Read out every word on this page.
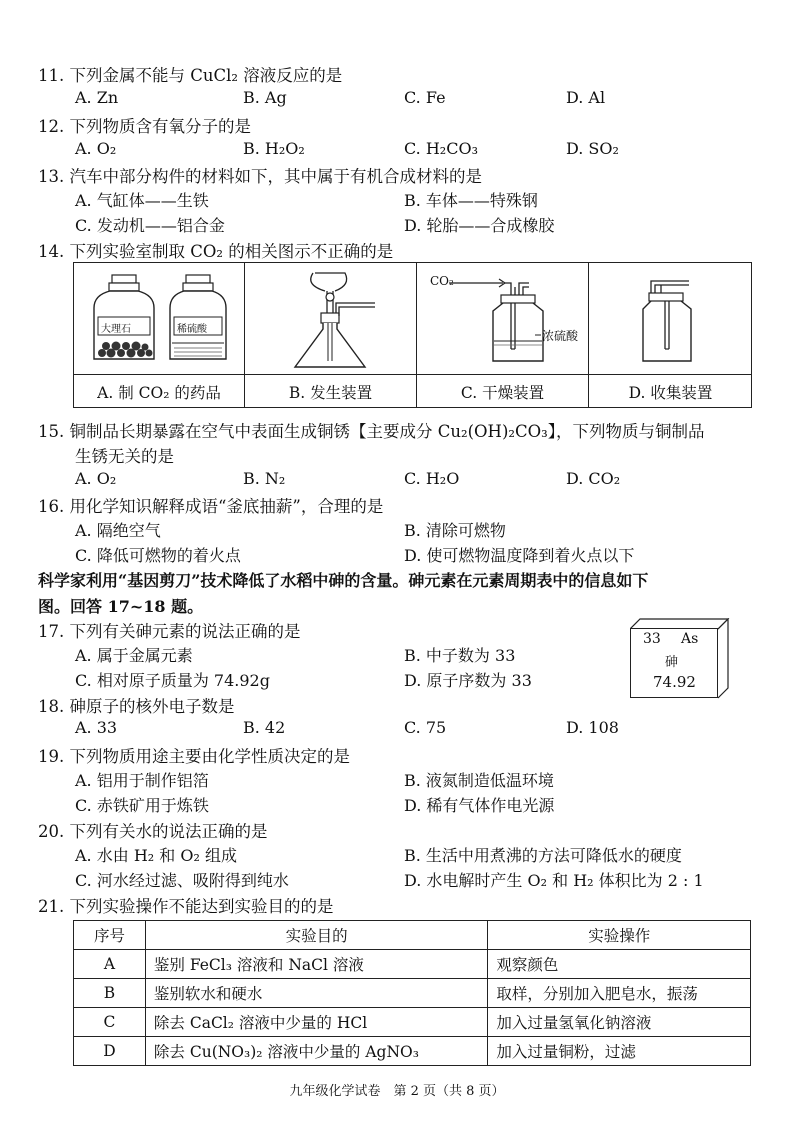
11. 下列金属不能与 CuCl₂ 溶液反应的是
A. Zn	B. Ag	C. Fe	D. Al
12. 下列物质含有氧分子的是
A. O₂	B. H₂O₂	C. H₂CO₃	D. SO₂
13. 汽车中部分构件的材料如下，其中属于有机合成材料的是
A. 气缸体——生铁	B. 车体——特殊钢
C. 发动机——铝合金	D. 轮胎——合成橡胶
14. 下列实验室制取 CO₂ 的相关图示不正确的是
大理石	稀硫酸
CO₂
浓硫酸
A. 制 CO₂ 的药品	B. 发生装置	C. 干燥装置	D. 收集装置
15. 铜制品长期暴露在空气中表面生成铜锈【主要成分 Cu₂(OH)₂CO₃】，下列物质与铜制品
生锈无关的是
A. O₂	B. N₂	C. H₂O	D. CO₂
16. 用化学知识解释成语“釜底抽薪”，合理的是
A. 隔绝空气	B. 清除可燃物
C. 降低可燃物的着火点	D. 使可燃物温度降到着火点以下
科学家利用“基因剪刀”技术降低了水稻中砷的含量。砷元素在元素周期表中的信息如下
图。回答 17~18 题。
33 As
砷
74.92
17. 下列有关砷元素的说法正确的是
A. 属于金属元素	B. 中子数为 33
C. 相对原子质量为 74.92g	D. 原子序数为 33
18. 砷原子的核外电子数是
A. 33	B. 42	C. 75	D. 108
19. 下列物质用途主要由化学性质决定的是
A. 铝用于制作铝箔	B. 液氮制造低温环境
C. 赤铁矿用于炼铁	D. 稀有气体作电光源
20. 下列有关水的说法正确的是
A. 水由 H₂ 和 O₂ 组成	B. 生活中用煮沸的方法可降低水的硬度
C. 河水经过滤、吸附得到纯水	D. 水电解时产生 O₂ 和 H₂ 体积比为 2 : 1
21. 下列实验操作不能达到实验目的的是
序号	实验目的	实验操作
A	鉴别 FeCl₃ 溶液和 NaCl 溶液	观察颜色
B	鉴别软水和硬水	取样，分别加入肥皂水，振荡
C	除去 CaCl₂ 溶液中少量的 HCl	加入过量氢氧化钠溶液
D	除去 Cu(NO₃)₂ 溶液中少量的 AgNO₃	加入过量铜粉，过滤
九年级化学试卷　第 2 页（共 8 页）
